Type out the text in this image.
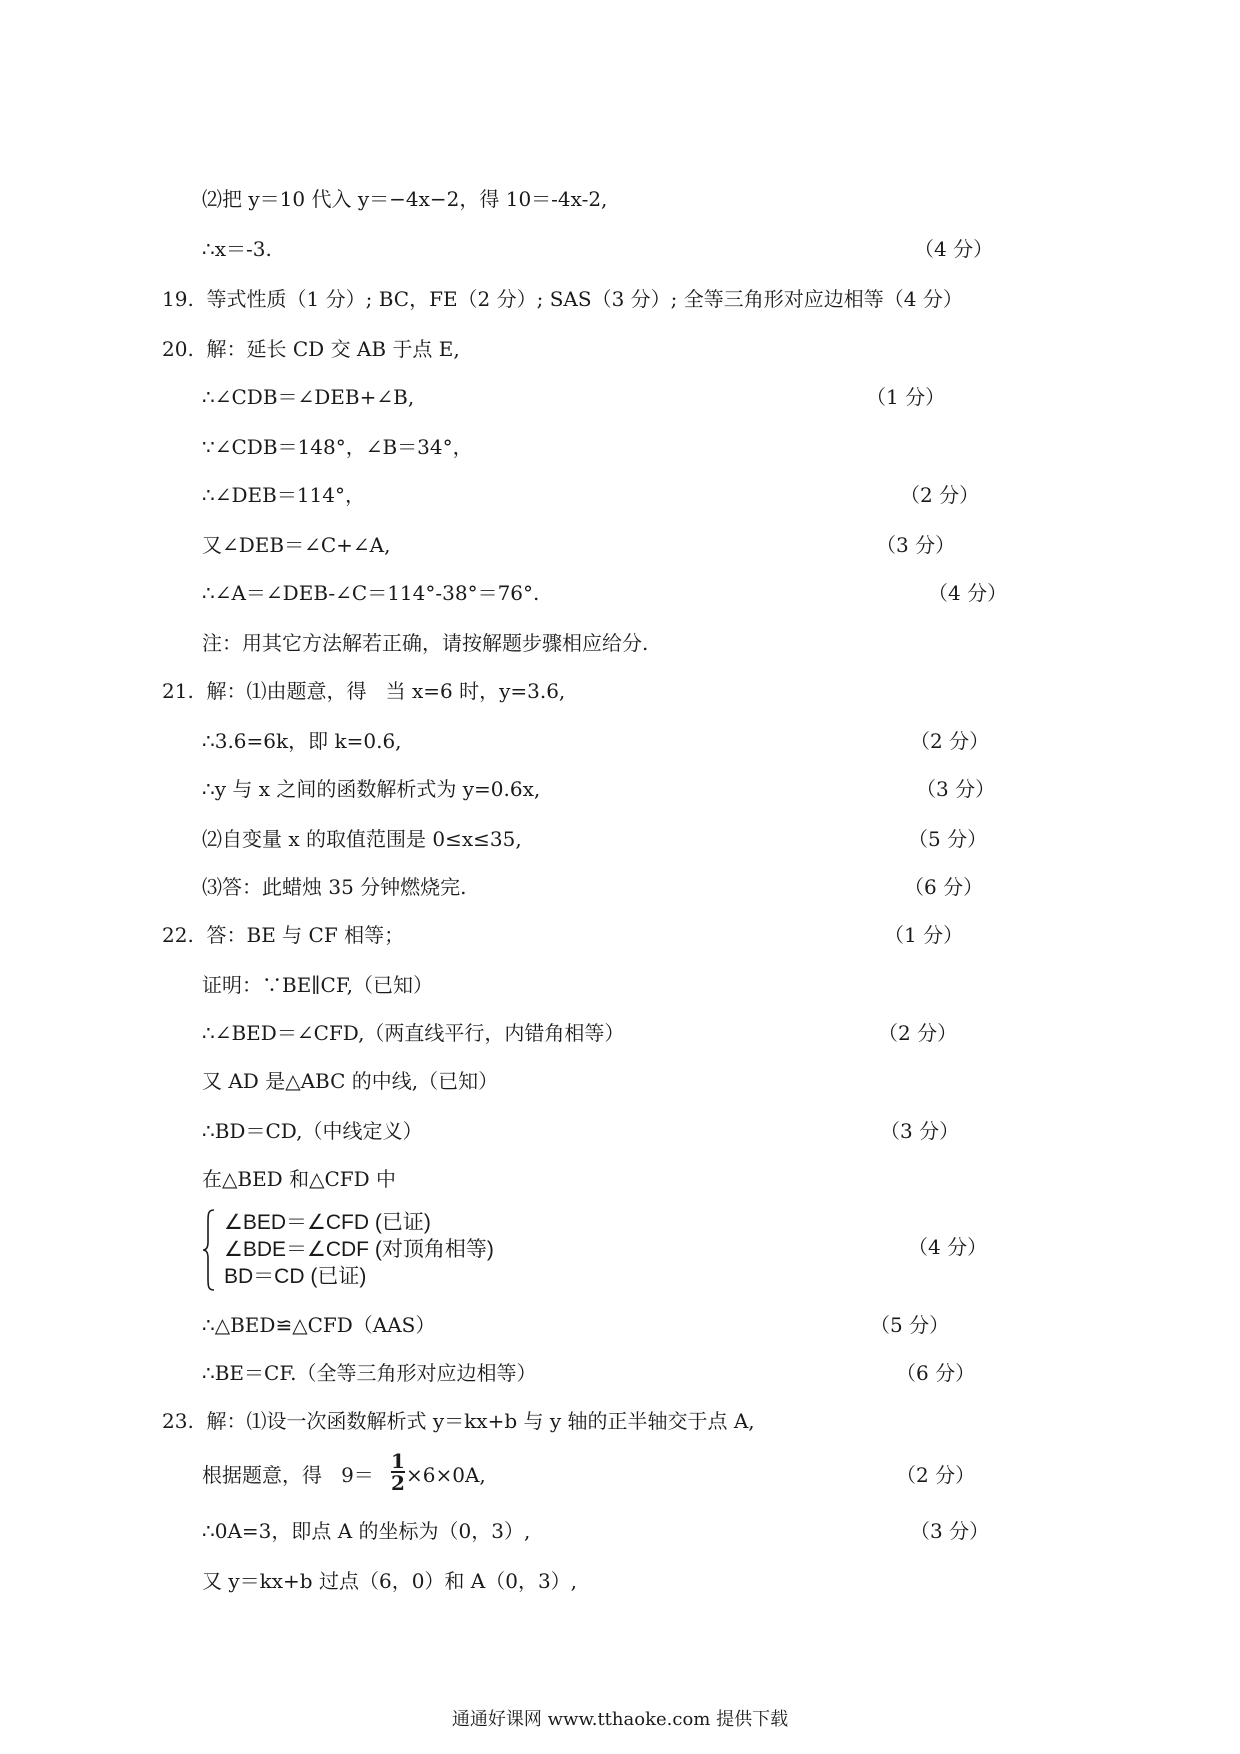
⑵把 y＝10 代入 y＝−4x−2，得 10＝-4x-2,
∴x＝-3.	（4 分）
19.  等式性质（1 分）; BC，FE（2 分）; SAS（3 分）; 全等三角形对应边相等（4 分）
20.  解：延长 CD 交 AB 于点 E,
∴∠CDB＝∠DEB+∠B,	（1 分）
∵∠CDB＝148°，∠B＝34°，
∴∠DEB＝114°，	（2 分）
又∠DEB＝∠C+∠A,	（3 分）
∴∠A＝∠DEB-∠C＝114°-38°＝76°.	（4 分）
注：用其它方法解若正确，请按解题步骤相应给分.
21.  解：⑴由题意，得   当 x=6 时，y=3.6,
∴3.6=6k，即 k=0.6,	（2 分）
∴y 与 x 之间的函数解析式为 y=0.6x,	（3 分）
⑵自变量 x 的取值范围是 0≤x≤35,	（5 分）
⑶答：此蜡烛 35 分钟燃烧完.	（6 分）
22.  答：BE 与 CF 相等；	（1 分）
证明：∵BE∥CF,（已知）
∴∠BED＝∠CFD,（两直线平行，内错角相等）	（2 分）
又 AD 是△ABC 的中线,（已知）
∴BD＝CD,（中线定义）	（3 分）
在△BED 和△CFD 中
∠BED＝∠CFD (已证)
∠BDE＝∠CDF (对顶角相等)
BD＝CD (已证)
（4 分）
∴△BED≌△CFD（AAS）	（5 分）
∴BE＝CF.（全等三角形对应边相等）	（6 分）
23.  解：⑴设一次函数解析式 y＝kx+b 与 y 轴的正半轴交于点 A,
根据题意，得   9＝
1
2 ×6×0A,	（2 分）
∴0A=3，即点 A 的坐标为（0，3）,	（3 分）
又 y＝kx+b 过点（6，0）和 A（0，3）,
通通好课网 www.tthaoke.com 提供下载
